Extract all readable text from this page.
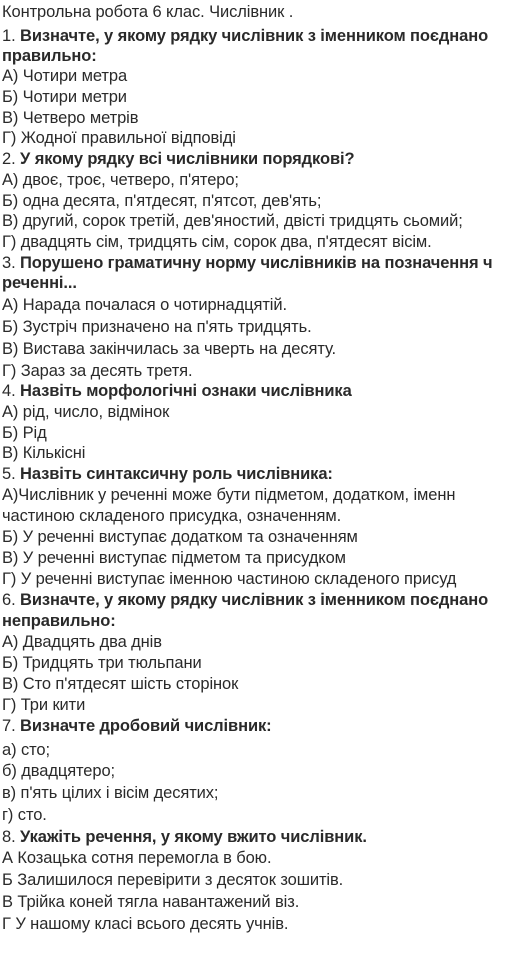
Контрольна робота 6 клас. Числівник .
1. Визначте, у якому рядку числівник з іменником поєднано
правильно:
А) Чотири метра
Б) Чотири метри
В) Четверо метрів
Г) Жодної правильної відповіді
2. У якому рядку всі числівники порядкові?
А) двоє, троє, четверо, п'ятеро;
Б) одна десята, п'ятдесят, п'ятсот, дев'ять;
В) другий, сорок третій, дев'яностий, двісті тридцять сьомий;
Г) двадцять сім, тридцять сім, сорок два, п'ятдесят вісім.
3. Порушено граматичну норму числівників на позначення ч
реченні...
А) Нарада почалася о чотирнадцятій.
Б) Зустріч призначено на п'ять тридцять.
В) Вистава закінчилась за чверть на десяту.
Г) Зараз за десять третя.
4. Назвіть морфологічні ознаки числівника
А) рід, число, відмінок
Б) Рід
В) Кількісні
5. Назвіть синтаксичну роль числівника:
А)Числівник у реченні може бути підметом, додатком, іменн
частиною складеного присудка, означенням.
Б) У реченні виступає додатком та означенням
В) У реченні виступає підметом та присудком
Г) У реченні виступає іменною частиною складеного присуд
6. Визначте, у якому рядку числівник з іменником поєднано
неправильно:
А) Двадцять два днів
Б) Тридцять три тюльпани
В) Сто п'ятдесят шість сторінок
Г) Три кити
7. Визначте дробовий числівник:
а) сто;
б) двадцятеро;
в) п'ять цілих і вісім десятих;
г) сто.
8. Укажіть речення, у якому вжито числівник.
А Козацька сотня перемогла в бою.
Б Залишилося перевірити з десяток зошитів.
В Трійка коней тягла навантажений віз.
Г У нашому класі всього десять учнів.
